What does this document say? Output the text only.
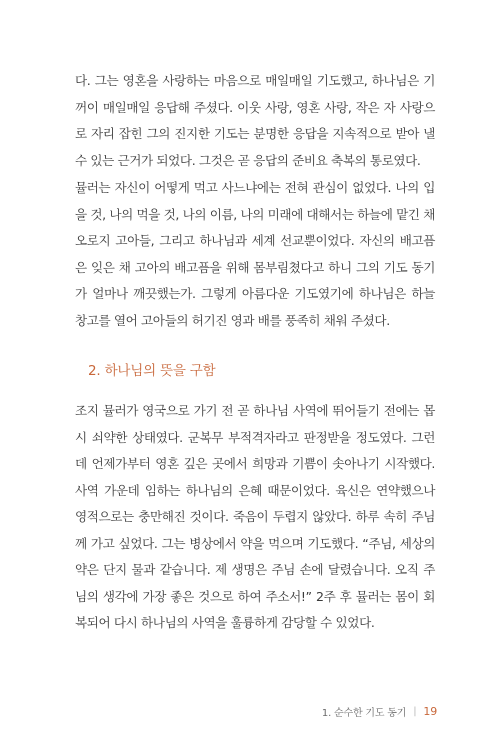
다. 그는 영혼을 사랑하는 마음으로 매일매일 기도했고, 하나님은 기꺼이 매일매일 응답해 주셨다. 이웃 사랑, 영혼 사랑, 작은 자 사랑으로 자리 잡힌 그의 진지한 기도는 분명한 응답을 지속적으로 받아 낼 수 있는 근거가 되었다. 그것은 곧 응답의 준비요 축복의 통로였다.

뮬러는 자신이 어떻게 먹고 사느냐에는 전혀 관심이 없었다. 나의 입을 것, 나의 먹을 것, 나의 이름, 나의 미래에 대해서는 하늘에 맡긴 채 오로지 고아들, 그리고 하나님과 세계 선교뿐이었다. 자신의 배고픔은 잊은 채 고아의 배고픔을 위해 몸부림쳤다고 하니 그의 기도 동기가 얼마나 깨끗했는가. 그렇게 아름다운 기도였기에 하나님은 하늘 창고를 열어 고아들의 허기진 영과 배를 풍족히 채워 주셨다.

2. 하나님의 뜻을 구함

조지 뮬러가 영국으로 가기 전 곧 하나님 사역에 뛰어들기 전에는 몹시 쇠약한 상태였다. 군복무 부적격자라고 판정받을 정도였다. 그런데 언제가부터 영혼 깊은 곳에서 희망과 기쁨이 솟아나기 시작했다. 사역 가운데 임하는 하나님의 은혜 때문이었다. 육신은 연약했으나 영적으로는 충만해진 것이다. 죽음이 두렵지 않았다. 하루 속히 주님께 가고 싶었다. 그는 병상에서 약을 먹으며 기도했다. “주님, 세상의 약은 단지 물과 같습니다. 제 생명은 주님 손에 달렸습니다. 오직 주님의 생각에 가장 좋은 것으로 하여 주소서!” 2주 후 뮬러는 몸이 회복되어 다시 하나님의 사역을 훌륭하게 감당할 수 있었다.

1. 순수한 기도 동기 | 19
